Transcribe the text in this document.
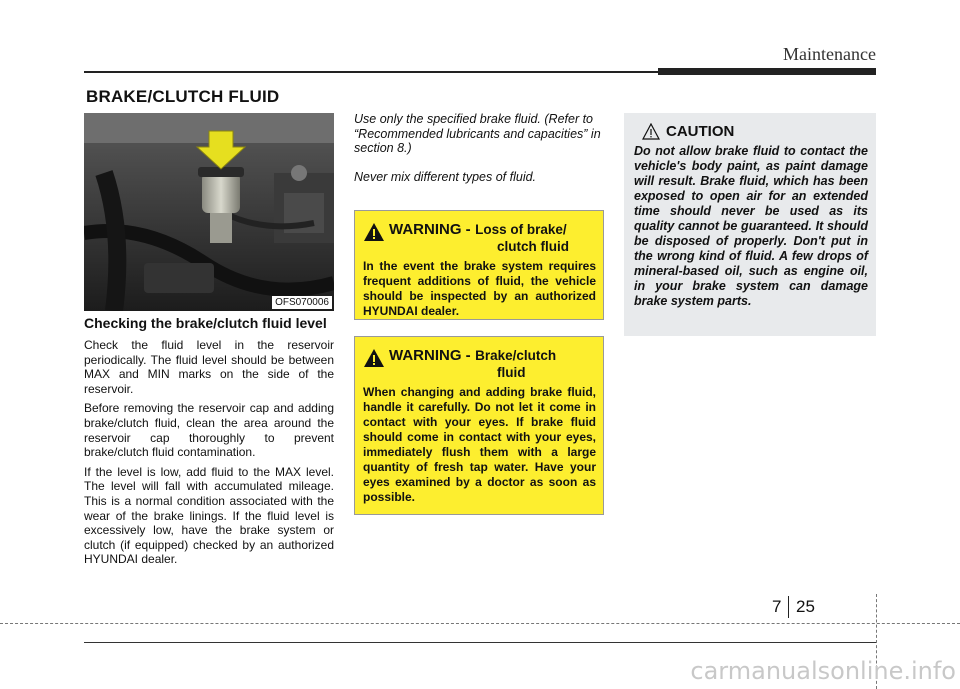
Maintenance
BRAKE/CLUTCH FLUID
OFS070006
Checking the brake/clutch fluid level

Check the fluid level in the reservoir periodically. The fluid level should be between MAX and MIN marks on the side of the reservoir.

Before removing the reservoir cap and adding brake/clutch fluid, clean the area around the reservoir cap thoroughly to prevent brake/clutch fluid contamination.

If the level is low, add fluid to the MAX level. The level will fall with accumulated mileage. This is a normal condition associated with the wear of the brake linings. If the fluid level is excessively low, have the brake system or clutch (if equipped) checked by an authorized HYUNDAI dealer.

Use only the specified brake fluid. (Refer to “Recommended lubricants and capacities” in section 8.)

Never mix different types of fluid.

WARNING - Loss of brake/
clutch fluid
In the event the brake system requires frequent additions of fluid, the vehicle should be inspected by an authorized HYUNDAI dealer.
WARNING - Brake/clutch
fluid
When changing and adding brake fluid, handle it carefully. Do not let it come in contact with your eyes. If brake fluid should come in contact with your eyes, immediately flush them with a large quantity of fresh tap water. Have your eyes examined by a doctor as soon as possible.
CAUTION
Do not allow brake fluid to contact the vehicle's body paint, as paint damage will result. Brake fluid, which has been exposed to open air for an extended time should never be used as its quality cannot be guaranteed. It should be disposed of properly. Don't put in the wrong kind of fluid. A few drops of mineral-based oil, such as engine oil, in your brake system can damage brake system parts.
7 25
carmanualsonline.info
